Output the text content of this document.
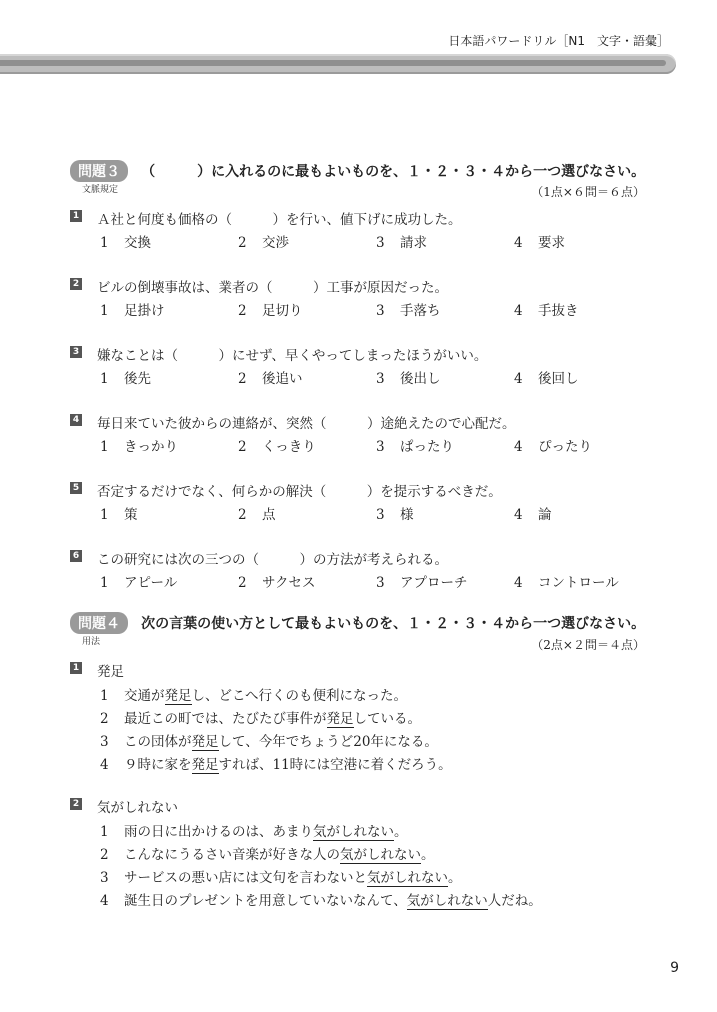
日本語パワードリル［N1　文字・語彙］
問題３ （　　　）に入れるのに最もよいものを、１・２・３・４から一つ選びなさい。
文脈規定	（1点×６問＝６点）
1 Ａ社と何度も価格の（　　　）を行い、値下げに成功した。
1 交換	2 交渉	3 請求	4 要求
2 ビルの倒壊事故は、業者の（　　　）工事が原因だった。
1 足掛け	2 足切り	3 手落ち	4 手抜き
3 嫌なことは（　　　）にせず、早くやってしまったほうがいい。
1 後先	2 後追い	3 後出し	4 後回し
4 毎日来ていた彼からの連絡が、突然（　　　）途絶えたので心配だ。
1 きっかり	2 くっきり	3 ぱったり	4 ぴったり
5 否定するだけでなく、何らかの解決（　　　）を提示するべきだ。
1 策	2 点	3 様	4 論
6 この研究には次の三つの（　　　）の方法が考えられる。
1 アピール	2 サクセス	3 アプローチ	4 コントロール
問題４ 次の言葉の使い方として最もよいものを、１・２・３・４から一つ選びなさい。
用法	（2点×２問＝４点）
1 発足
1 交通が発足し、どこへ行くのも便利になった。
2 最近この町では、たびたび事件が発足している。
3 この団体が発足して、今年でちょうど20年になる。
4 ９時に家を発足すれば、11時には空港に着くだろう。
2 気がしれない
1 雨の日に出かけるのは、あまり気がしれない。
2 こんなにうるさい音楽が好きな人の気がしれない。
3 サービスの悪い店には文句を言わないと気がしれない。
4 誕生日のプレゼントを用意していないなんて、気がしれない人だね。
9
